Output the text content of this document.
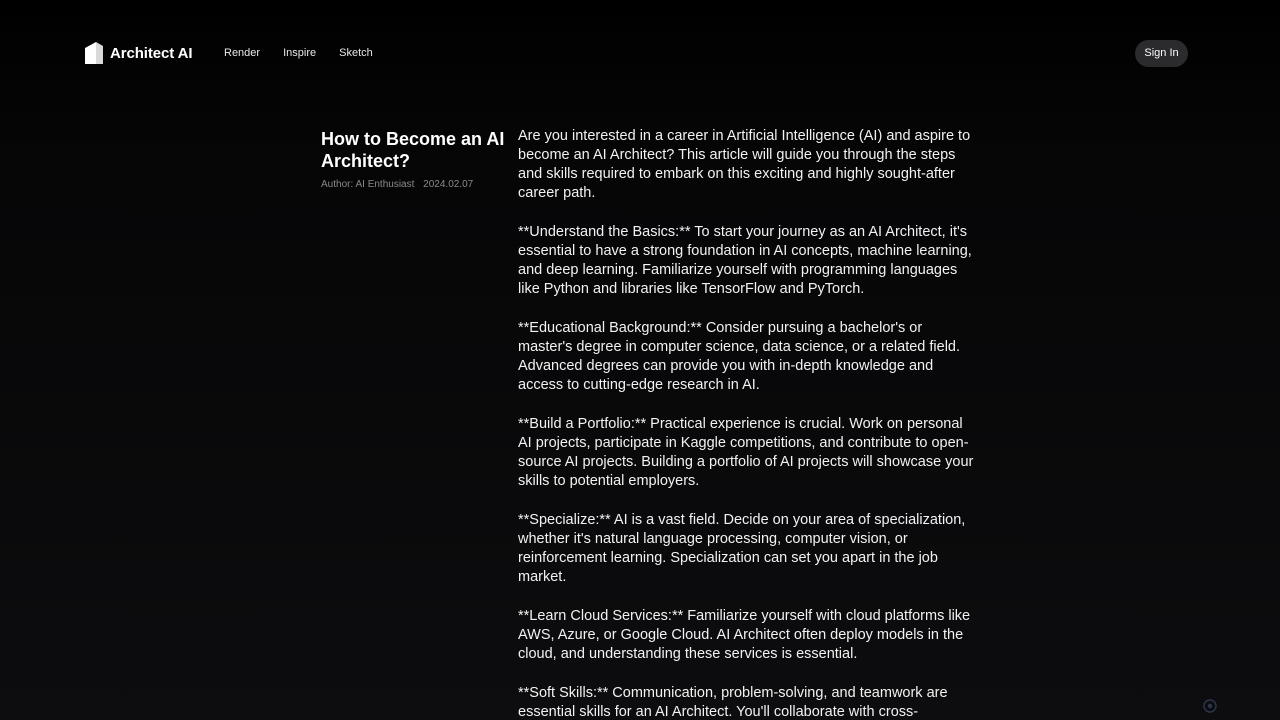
Architect AI	Render Inspire Sketch	Sign In
How to Become an AI Architect?
Author: AI Enthusiast 2024.02.07

Are you interested in a career in Artificial Intelligence (AI) and aspire to become an AI Architect? This article will guide you through the steps and skills required to embark on this exciting and highly sought-after career path.

**Understand the Basics:** To start your journey as an AI Architect, it's essential to have a strong foundation in AI concepts, machine learning, and deep learning. Familiarize yourself with programming languages like Python and libraries like TensorFlow and PyTorch.

**Educational Background:** Consider pursuing a bachelor's or master's degree in computer science, data science, or a related field. Advanced degrees can provide you with in-depth knowledge and access to cutting-edge research in AI.

**Build a Portfolio:** Practical experience is crucial. Work on personal AI projects, participate in Kaggle competitions, and contribute to open-source AI projects. Building a portfolio of AI projects will showcase your skills to potential employers.

**Specialize:** AI is a vast field. Decide on your area of specialization, whether it's natural language processing, computer vision, or reinforcement learning. Specialization can set you apart in the job market.

**Learn Cloud Services:** Familiarize yourself with cloud platforms like AWS, Azure, or Google Cloud. AI Architect often deploy models in the cloud, and understanding these services is essential.

**Soft Skills:** Communication, problem-solving, and teamwork are essential skills for an AI Architect. You'll collaborate with cross-
